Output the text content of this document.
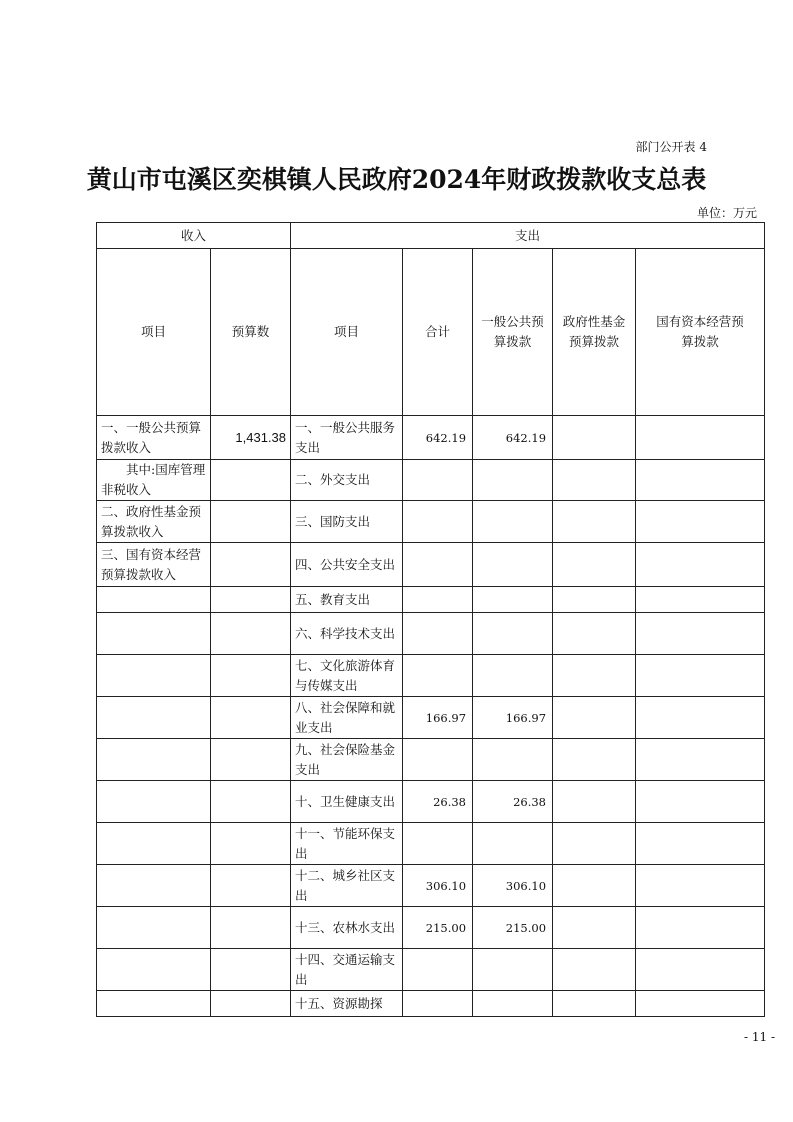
部门公开表 4
黄山市屯溪区奕棋镇人民政府2024年财政拨款收支总表
单位：万元
收入		支出				
项目	预算数	项目	合计	一般公共预算拨款	政府性基金预算拨款	国有资本经营预算拨款
一、一般公共预算拨款收入	1,431.38	一、一般公共服务支出	642.19	642.19		
其中:国库管理非税收入		二、外交支出				
二、政府性基金预算拨款收入		三、国防支出				
三、国有资本经营预算拨款收入		四、公共安全支出				
		五、教育支出				
		六、科学技术支出				
		七、文化旅游体育与传媒支出				
		八、社会保障和就业支出	166.97	166.97		
		九、社会保险基金支出				
		十、卫生健康支出	26.38	26.38		
		十一、节能环保支出				
		十二、城乡社区支出	306.10	306.10		
		十三、农林水支出	215.00	215.00		
		十四、交通运输支出				
		十五、资源勘探				
- 11 -
